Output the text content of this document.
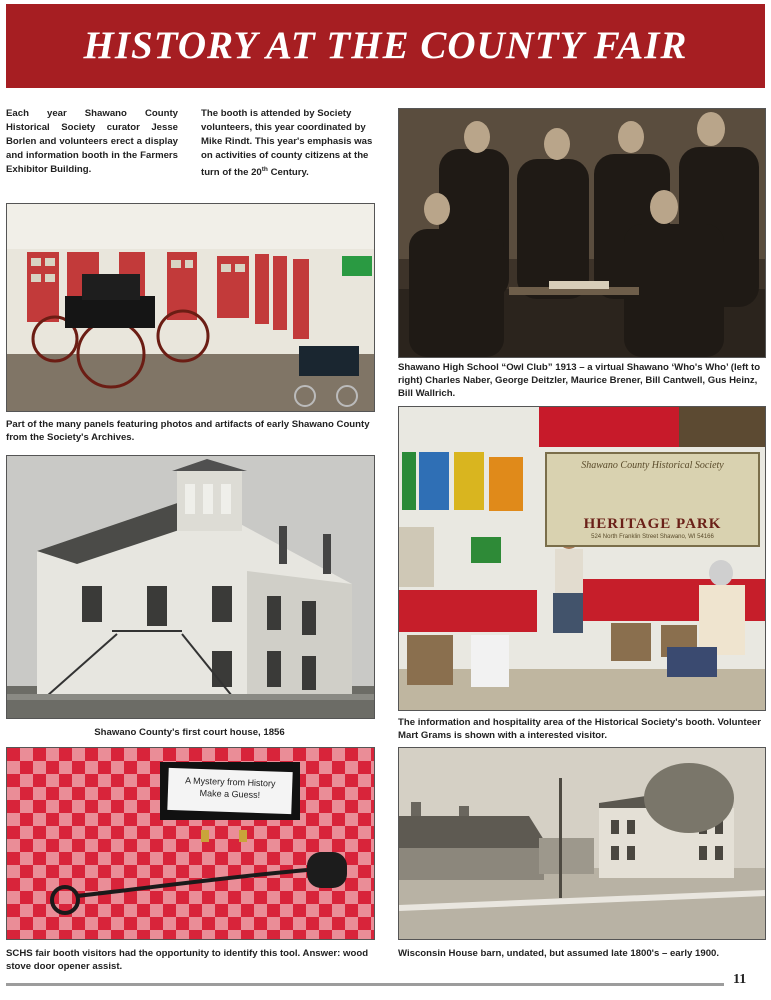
HISTORY AT THE COUNTY FAIR
Each year Shawano County Historical Society curator Jesse Borlen and volunteers erect a display and information booth in the Farmers Exhibitor Building.
The booth is attended by Society volunteers, this year coordinated by Mike Rindt. This year's emphasis was on activities of county citizens at the turn of the 20th Century.
Shawano High School “Owl Club” 1913 – a virtual Shawano ‘Who's Who’ (left to right) Charles Naber, George Deitzler, Maurice Brener, Bill Cantwell, Gus Heinz, Bill Wallrich.
Part of the many panels featuring photos and artifacts of early Shawano County from the Society's Archives.
Shawano County's first court house, 1856
Shawano County Historical Society
HERITAGE PARK
524 North Franklin Street Shawano, WI 54166
The information and hospitality area of the Historical Society's booth. Volunteer Mart Grams is shown with a interested visitor.
A Mystery from History
Make a Guess!
SCHS fair booth visitors had the opportunity to identify this tool. Answer: wood stove door opener assist.
Wisconsin House barn, undated, but assumed late 1800's – early 1900.
11
